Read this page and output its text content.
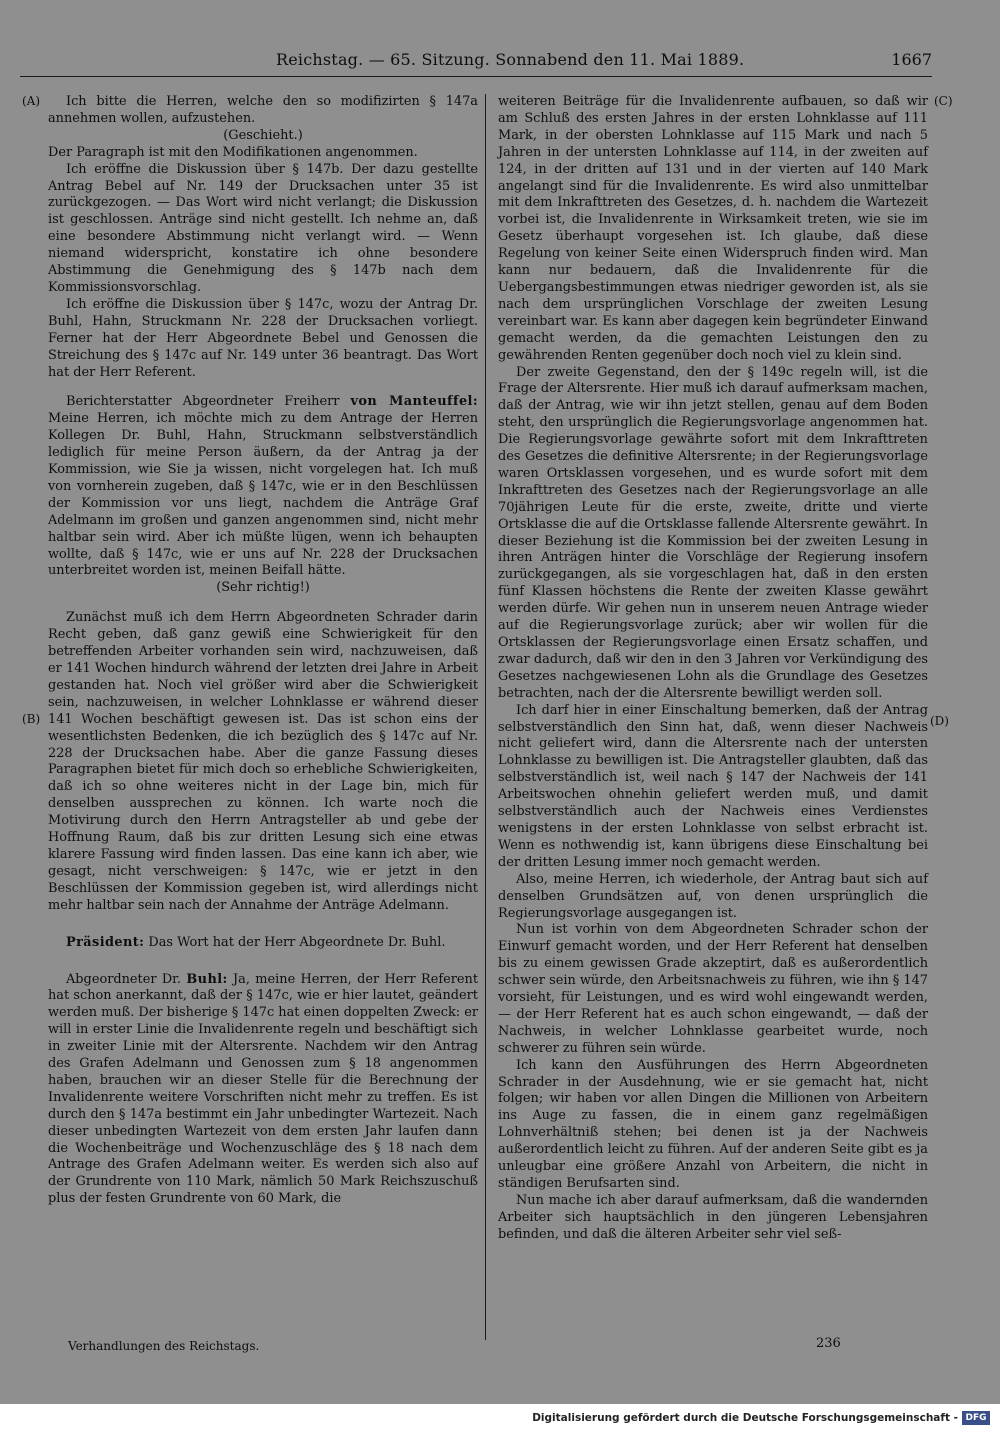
Reichstag. — 65. Sitzung. Sonnabend den 11. Mai 1889.	1667
(A)
(B)
(C)
(D)

Ich bitte die Herren, welche den so modifizirten § 147a annehmen wollen, aufzustehen.

(Geschieht.)

Der Paragraph ist mit den Modifikationen angenommen.

Ich eröffne die Diskussion über § 147b. Der dazu gestellte Antrag Bebel auf Nr. 149 der Drucksachen unter 35 ist zurückgezogen. — Das Wort wird nicht verlangt; die Diskussion ist geschlossen. Anträge sind nicht gestellt. Ich nehme an, daß eine besondere Abstimmung nicht verlangt wird. — Wenn niemand widerspricht, konstatire ich ohne besondere Abstimmung die Genehmigung des § 147b nach dem Kommissionsvorschlag.

Ich eröffne die Diskussion über § 147c, wozu der Antrag Dr. Buhl, Hahn, Struckmann Nr. 228 der Drucksachen vorliegt. Ferner hat der Herr Abgeordnete Bebel und Genossen die Streichung des § 147c auf Nr. 149 unter 36 beantragt. Das Wort hat der Herr Referent.

Berichterstatter Abgeordneter Freiherr von Manteuffel: Meine Herren, ich möchte mich zu dem Antrage der Herren Kollegen Dr. Buhl, Hahn, Struckmann selbstverständlich lediglich für meine Person äußern, da der Antrag ja der Kommission, wie Sie ja wissen, nicht vorgelegen hat. Ich muß von vornherein zugeben, daß § 147c, wie er in den Beschlüssen der Kommission vor uns liegt, nachdem die Anträge Graf Adelmann im großen und ganzen angenommen sind, nicht mehr haltbar sein wird. Aber ich müßte lügen, wenn ich behaupten wollte, daß § 147c, wie er uns auf Nr. 228 der Drucksachen unterbreitet worden ist, meinen Beifall hätte.

(Sehr richtig!)

Zunächst muß ich dem Herrn Abgeordneten Schrader darin Recht geben, daß ganz gewiß eine Schwierigkeit für den betreffenden Arbeiter vorhanden sein wird, nachzuweisen, daß er 141 Wochen hindurch während der letzten drei Jahre in Arbeit gestanden hat. Noch viel größer wird aber die Schwierigkeit sein, nachzuweisen, in welcher Lohnklasse er während dieser 141 Wochen beschäftigt gewesen ist. Das ist schon eins der wesentlichsten Bedenken, die ich bezüglich des § 147c auf Nr. 228 der Drucksachen habe. Aber die ganze Fassung dieses Paragraphen bietet für mich doch so erhebliche Schwierigkeiten, daß ich so ohne weiteres nicht in der Lage bin, mich für denselben aussprechen zu können. Ich warte noch die Motivirung durch den Herrn Antragsteller ab und gebe der Hoffnung Raum, daß bis zur dritten Lesung sich eine etwas klarere Fassung wird finden lassen. Das eine kann ich aber, wie gesagt, nicht verschweigen: § 147c, wie er jetzt in den Beschlüssen der Kommission gegeben ist, wird allerdings nicht mehr haltbar sein nach der Annahme der Anträge Adelmann.

Präsident: Das Wort hat der Herr Abgeordnete Dr. Buhl.

Abgeordneter Dr. Buhl: Ja, meine Herren, der Herr Referent hat schon anerkannt, daß der § 147c, wie er hier lautet, geändert werden muß. Der bisherige § 147c hat einen doppelten Zweck: er will in erster Linie die Invalidenrente regeln und beschäftigt sich in zweiter Linie mit der Altersrente. Nachdem wir den Antrag des Grafen Adelmann und Genossen zum § 18 angenommen haben, brauchen wir an dieser Stelle für die Berechnung der Invalidenrente weitere Vorschriften nicht mehr zu treffen. Es ist durch den § 147a bestimmt ein Jahr unbedingter Wartezeit. Nach dieser unbedingten Wartezeit von dem ersten Jahr laufen dann die Wochenbeiträge und Wochenzuschläge des § 18 nach dem Antrage des Grafen Adelmann weiter. Es werden sich also auf der Grundrente von 110 Mark, nämlich 50 Mark Reichszuschuß plus der festen Grundrente von 60 Mark, die

weiteren Beiträge für die Invalidenrente aufbauen, so daß wir am Schluß des ersten Jahres in der ersten Lohnklasse auf 111 Mark, in der obersten Lohnklasse auf 115 Mark und nach 5 Jahren in der untersten Lohnklasse auf 114, in der zweiten auf 124, in der dritten auf 131 und in der vierten auf 140 Mark angelangt sind für die Invalidenrente. Es wird also unmittelbar mit dem Inkrafttreten des Gesetzes, d. h. nachdem die Wartezeit vorbei ist, die Invalidenrente in Wirksamkeit treten, wie sie im Gesetz überhaupt vorgesehen ist. Ich glaube, daß diese Regelung von keiner Seite einen Widerspruch finden wird. Man kann nur bedauern, daß die Invalidenrente für die Uebergangsbestimmungen etwas niedriger geworden ist, als sie nach dem ursprünglichen Vorschlage der zweiten Lesung vereinbart war. Es kann aber dagegen kein begründeter Einwand gemacht werden, da die gemachten Leistungen den zu gewährenden Renten gegenüber doch noch viel zu klein sind.

Der zweite Gegenstand, den der § 149c regeln will, ist die Frage der Altersrente. Hier muß ich darauf aufmerksam machen, daß der Antrag, wie wir ihn jetzt stellen, genau auf dem Boden steht, den ursprünglich die Regierungsvorlage angenommen hat. Die Regierungsvorlage gewährte sofort mit dem Inkrafttreten des Gesetzes die definitive Altersrente; in der Regierungsvorlage waren Ortsklassen vorgesehen, und es wurde sofort mit dem Inkrafttreten des Gesetzes nach der Regierungsvorlage an alle 70jährigen Leute für die erste, zweite, dritte und vierte Ortsklasse die auf die Ortsklasse fallende Altersrente gewährt. In dieser Beziehung ist die Kommission bei der zweiten Lesung in ihren Anträgen hinter die Vorschläge der Regierung insofern zurückgegangen, als sie vorgeschlagen hat, daß in den ersten fünf Klassen höchstens die Rente der zweiten Klasse gewährt werden dürfe. Wir gehen nun in unserem neuen Antrage wieder auf die Regierungsvorlage zurück; aber wir wollen für die Ortsklassen der Regierungsvorlage einen Ersatz schaffen, und zwar dadurch, daß wir den in den 3 Jahren vor Verkündigung des Gesetzes nachgewiesenen Lohn als die Grundlage des Gesetzes betrachten, nach der die Altersrente bewilligt werden soll.

Ich darf hier in einer Einschaltung bemerken, daß der Antrag selbstverständlich den Sinn hat, daß, wenn dieser Nachweis nicht geliefert wird, dann die Altersrente nach der untersten Lohnklasse zu bewilligen ist. Die Antragsteller glaubten, daß das selbstverständlich ist, weil nach § 147 der Nachweis der 141 Arbeitswochen ohnehin geliefert werden muß, und damit selbstverständlich auch der Nachweis eines Verdienstes wenigstens in der ersten Lohnklasse von selbst erbracht ist. Wenn es nothwendig ist, kann übrigens diese Einschaltung bei der dritten Lesung immer noch gemacht werden.

Also, meine Herren, ich wiederhole, der Antrag baut sich auf denselben Grundsätzen auf, von denen ursprünglich die Regierungsvorlage ausgegangen ist.

Nun ist vorhin von dem Abgeordneten Schrader schon der Einwurf gemacht worden, und der Herr Referent hat denselben bis zu einem gewissen Grade akzeptirt, daß es außerordentlich schwer sein würde, den Arbeitsnachweis zu führen, wie ihn § 147 vorsieht, für Leistungen, und es wird wohl eingewandt werden, — der Herr Referent hat es auch schon eingewandt, — daß der Nachweis, in welcher Lohnklasse gearbeitet wurde, noch schwerer zu führen sein würde.

Ich kann den Ausführungen des Herrn Abgeordneten Schrader in der Ausdehnung, wie er sie gemacht hat, nicht folgen; wir haben vor allen Dingen die Millionen von Arbeitern ins Auge zu fassen, die in einem ganz regelmäßigen Lohnverhältniß stehen; bei denen ist ja der Nachweis außerordentlich leicht zu führen. Auf der anderen Seite gibt es ja unleugbar eine größere Anzahl von Arbeitern, die nicht in ständigen Berufsarten sind.

Nun mache ich aber darauf aufmerksam, daß die wandernden Arbeiter sich hauptsächlich in den jüngeren Lebensjahren befinden, und daß die älteren Arbeiter sehr viel seß-

Verhandlungen des Reichstags.	236
Digitalisierung gefördert durch die Deutsche Forschungsgemeinschaft - DFG
